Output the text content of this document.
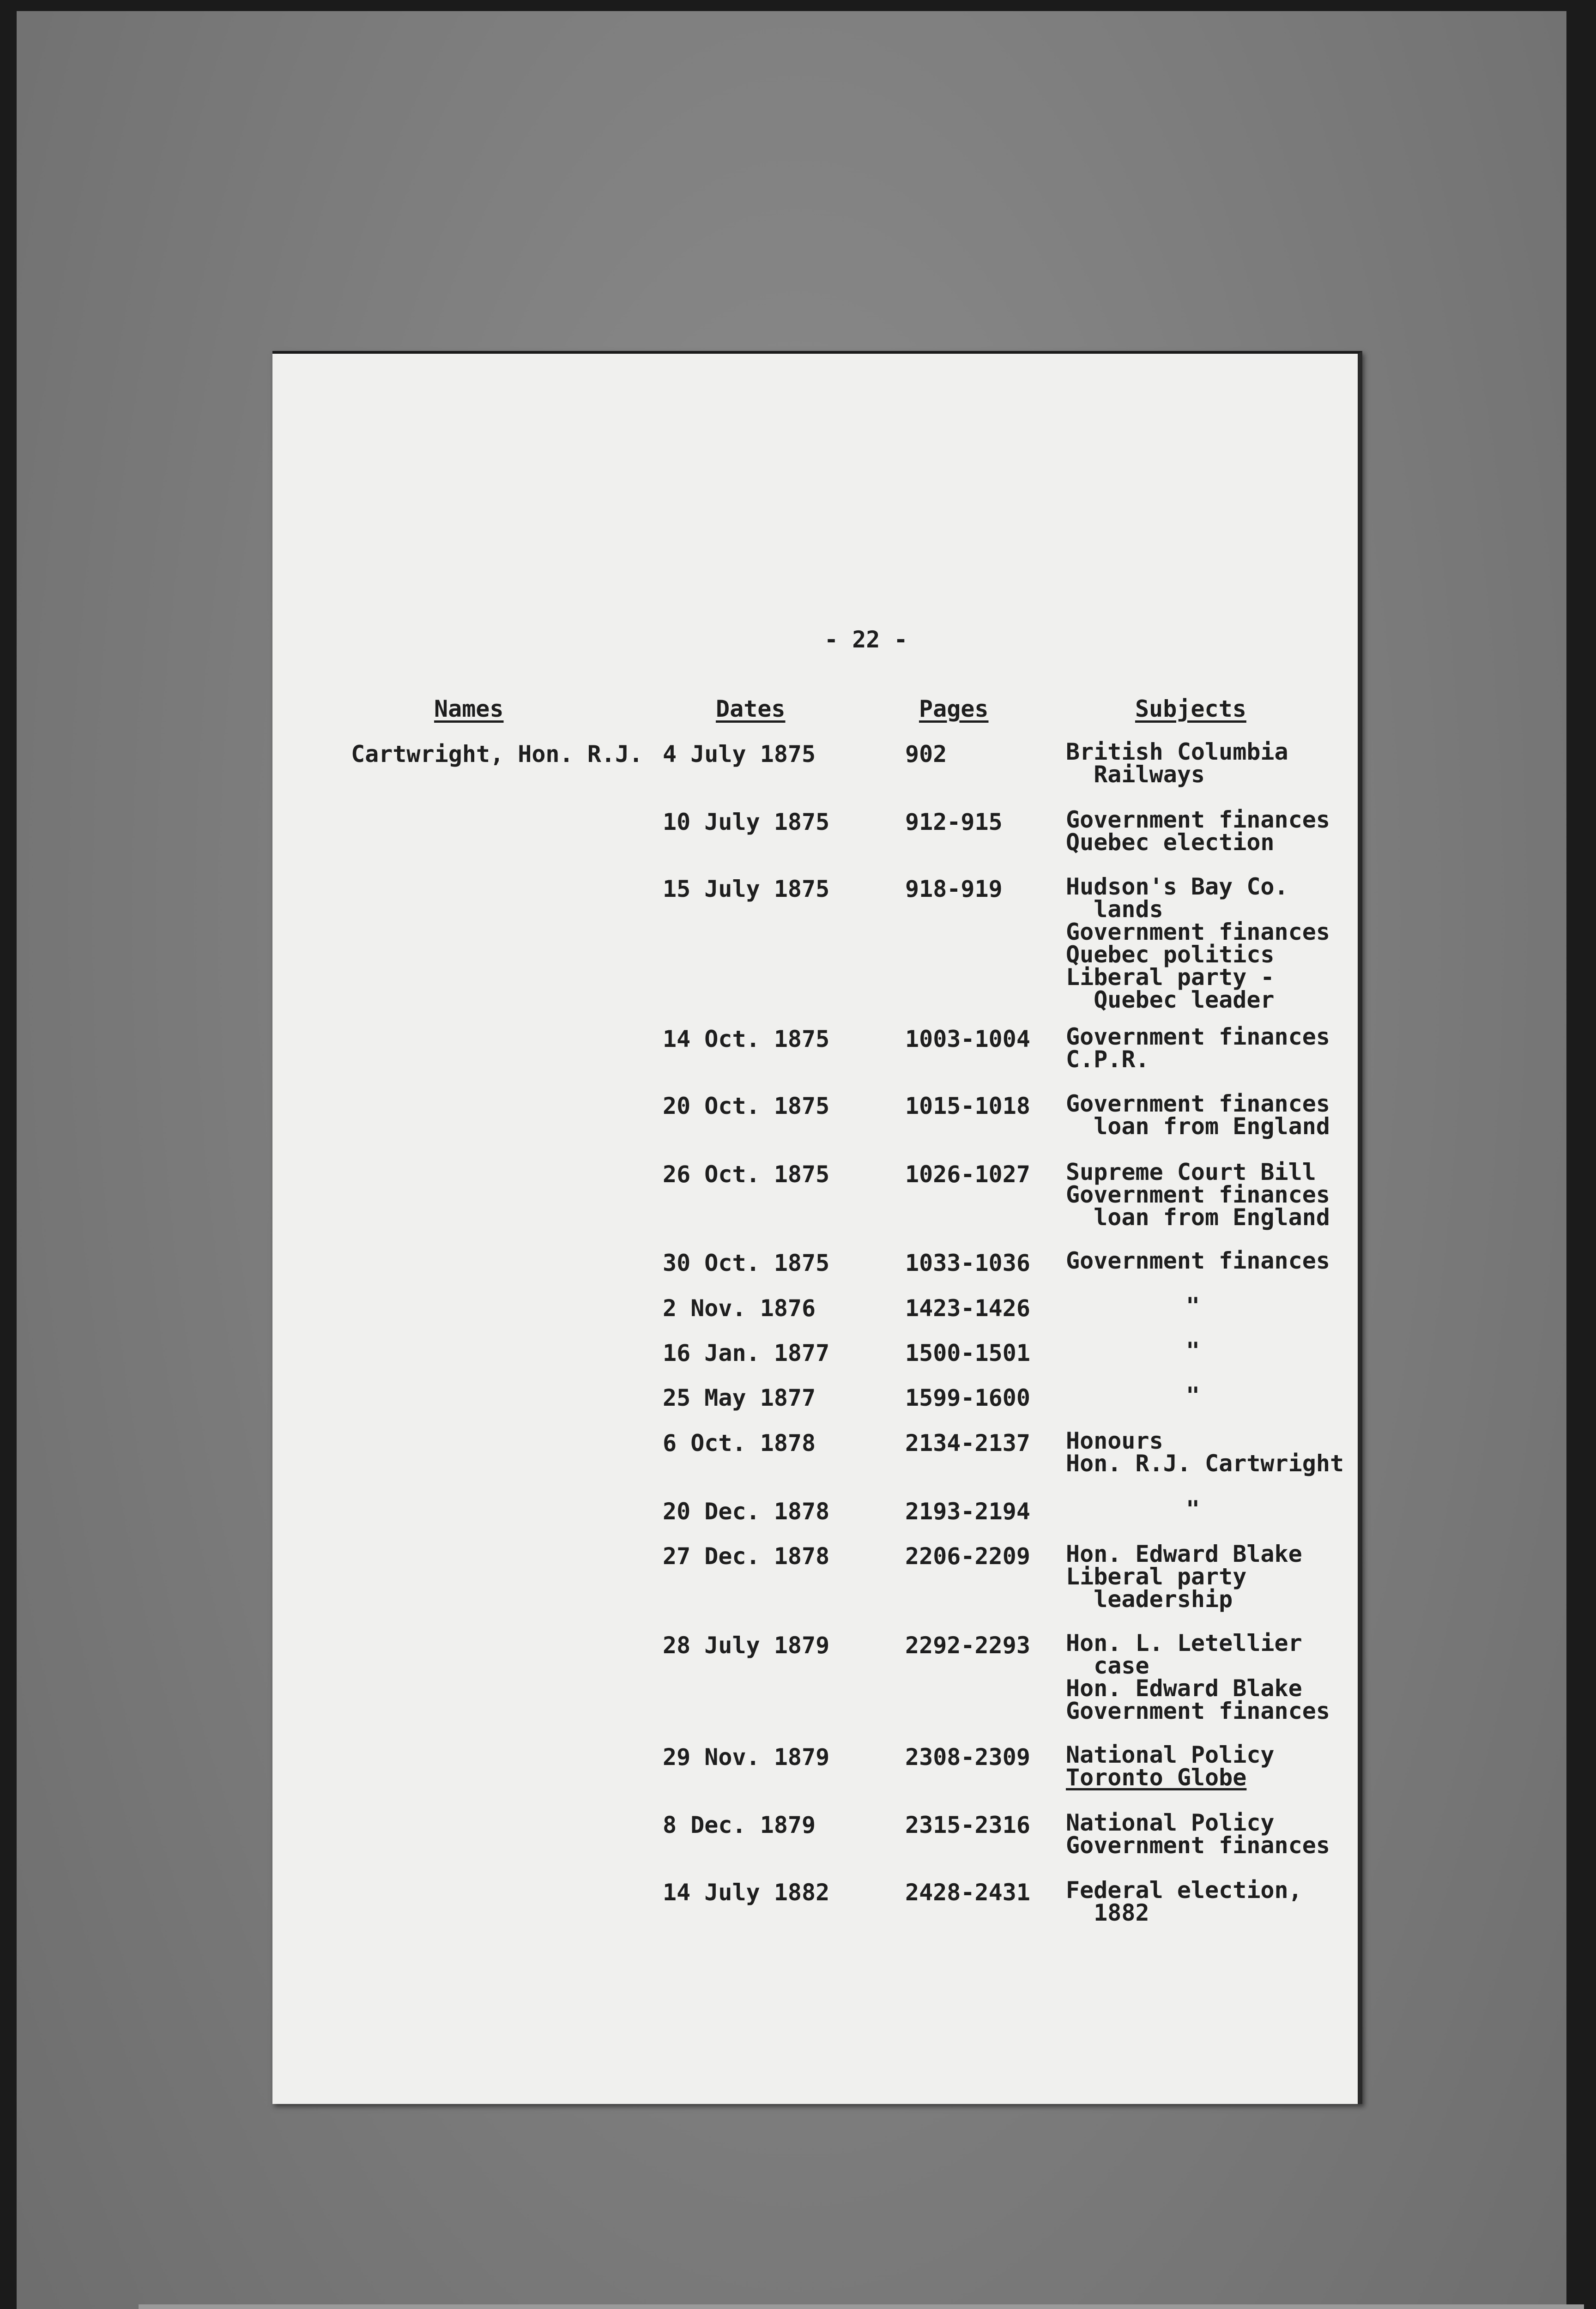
- 22 -
Names	Dates	Pages	Subjects
Cartwright, Hon. R.J. 4 July 1875	902	British Columbia
Railways
10 July 1875	912-915	Government finances
Quebec election
15 July 1875	918-919	Hudson's Bay Co.
lands
Government finances
Quebec politics
Liberal party -
Quebec leader
14 Oct. 1875	1003-1004 Government finances
C.P.R.
20 Oct. 1875	1015-1018 Government finances
loan from England
26 Oct. 1875	1026-1027 Supreme Court Bill
Government finances
loan from England
30 Oct. 1875	1033-1036 Government finances
2 Nov. 1876	1423-1426	"
16 Jan. 1877	1500-1501	"
25 May 1877	1599-1600	"
6 Oct. 1878	2134-2137 Honours
Hon. R.J. Cartwright
20 Dec. 1878	2193-2194	"
27 Dec. 1878	2206-2209 Hon. Edward Blake
Liberal party
leadership
28 July 1879	2292-2293 Hon. L. Letellier
case
Hon. Edward Blake
Government finances
29 Nov. 1879	2308-2309 National Policy
Toronto Globe
8 Dec. 1879	2315-2316 National Policy
Government finances
14 July 1882	2428-2431 Federal election,
1882
